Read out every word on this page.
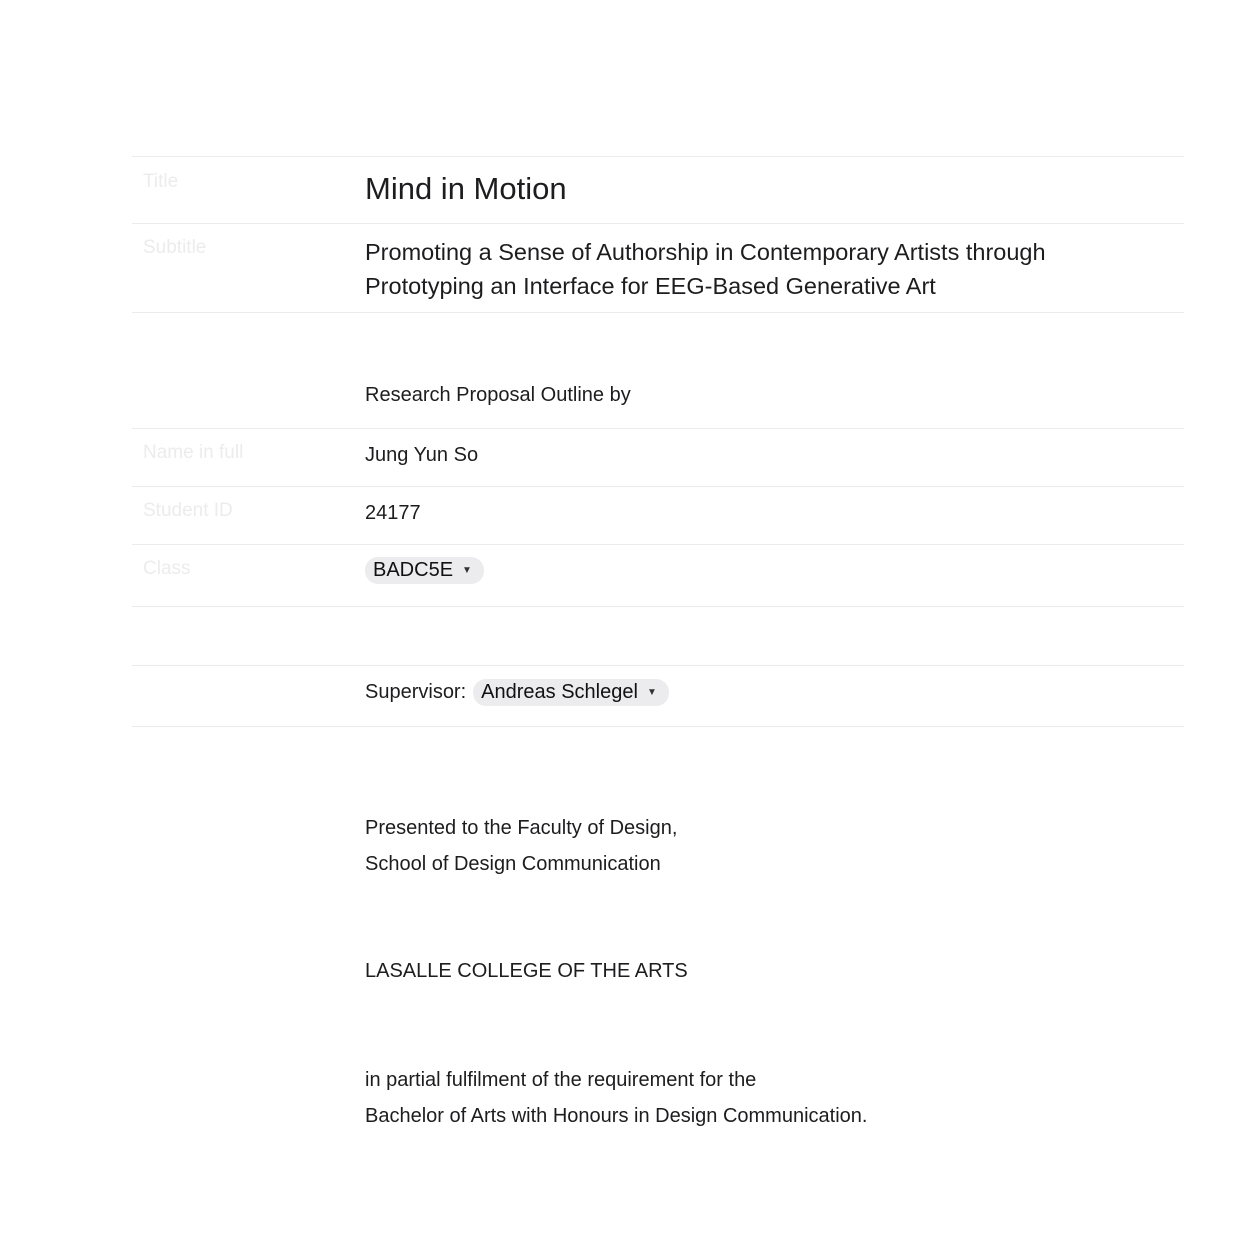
Title	Mind in Motion
Subtitle	Promoting a Sense of Authorship in Contemporary Artists through
Prototyping an Interface for EEG-Based Generative Art
Research Proposal Outline by
Name in full	Jung Yun So
Student ID	24177
Class	BADC5E ▼
Supervisor: Andreas Schlegel ▼
Presented to the Faculty of Design,
School of Design Communication
LASALLE COLLEGE OF THE ARTS
in partial fulfilment of the requirement for the
Bachelor of Arts with Honours in Design Communication.
